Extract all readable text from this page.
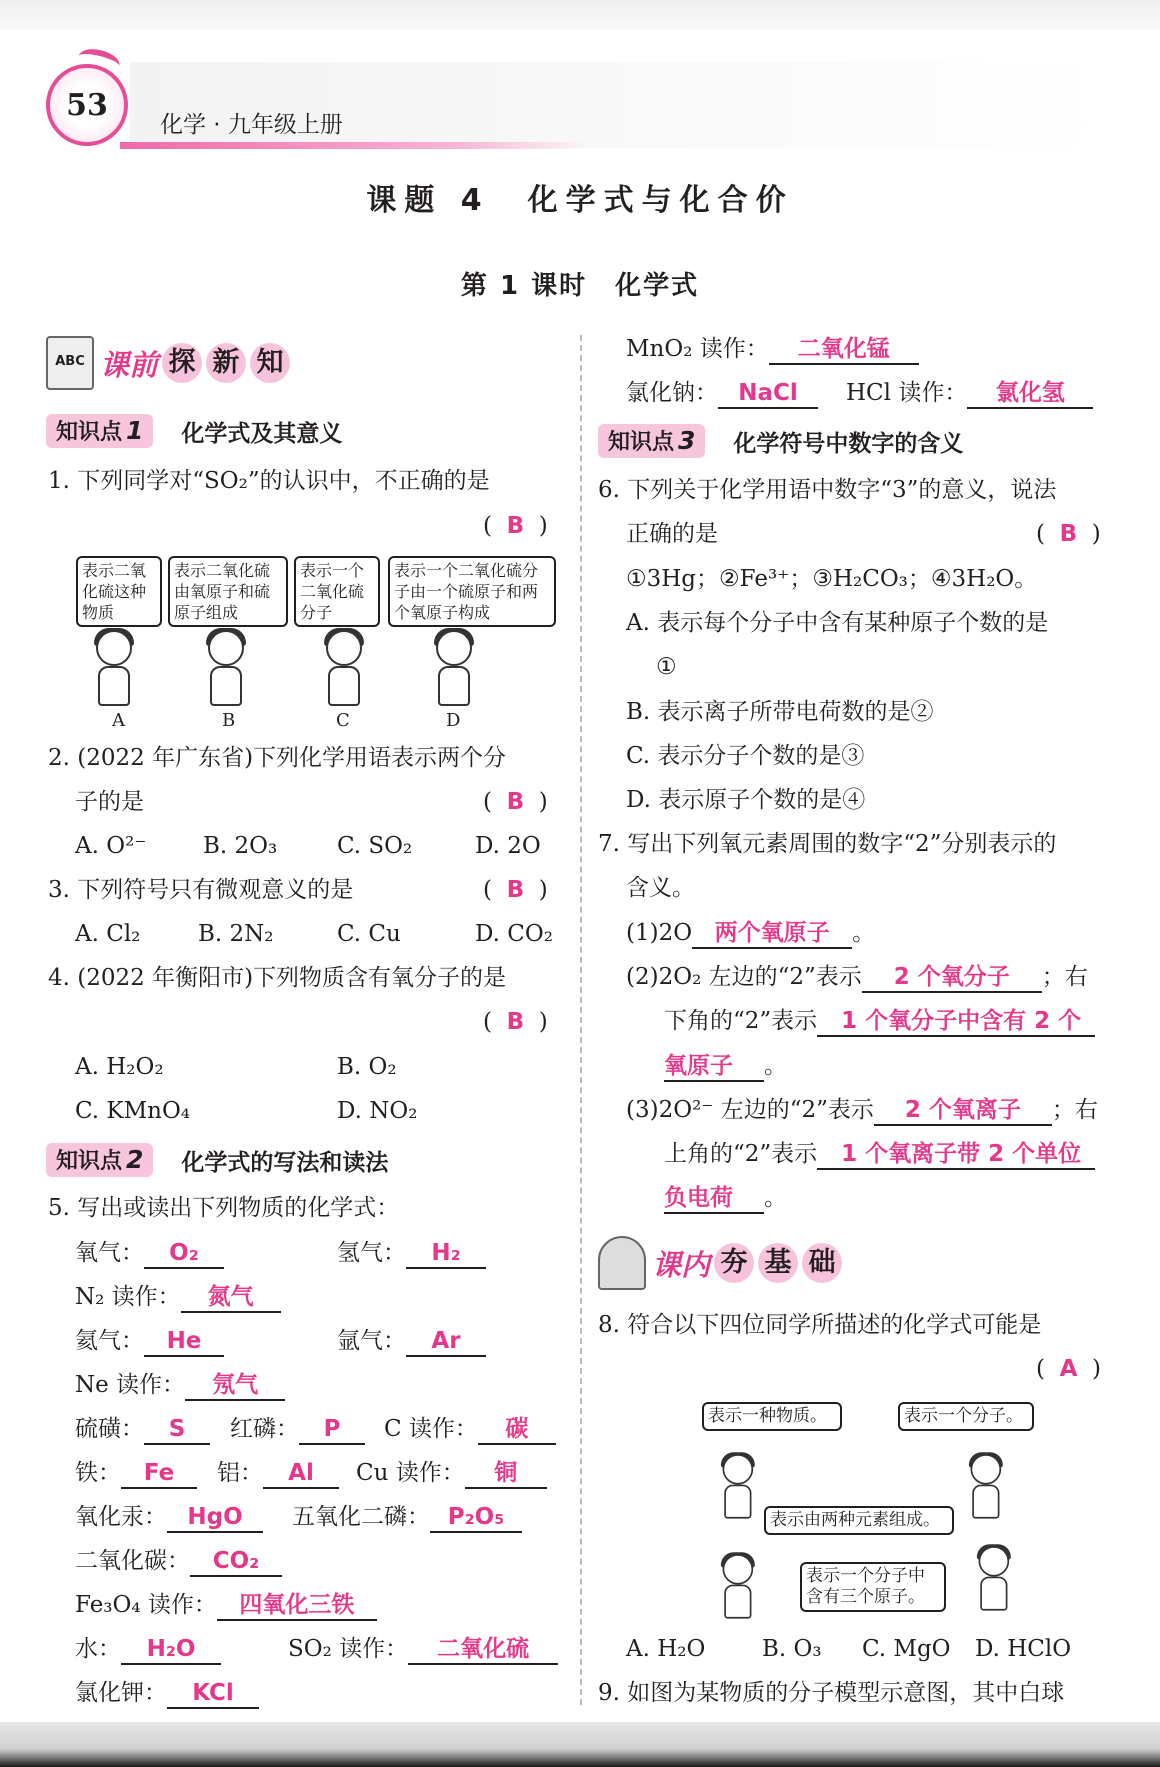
53
化学 · 九年级上册
课题 4　化学式与化合价
第 1 课时　化学式
ABC 课前 探 新 知
知识点 1	化学式及其意义
1. 下列同学对“SO₂”的认识中，不正确的是
(  B  )
表示二氧化硫这种物质
表示二氧化硫由氧原子和硫原子组成
表示一个二氧化硫分子
表示一个二氧化硫分子由一个硫原子和两个氧原子构成
A	B	C	D
2. (2022 年广东省)下列化学用语表示两个分
子的是	(  B  )
A. O²⁻ B. 2O₃	C. SO₂	D. 2O
3. 下列符号只有微观意义的是	(  B  )
A. Cl₂	B. 2N₂	C. Cu	D. CO₂
4. (2022 年衡阳市)下列物质含有氧分子的是
(  B  )
A. H₂O₂	B. O₂
C. KMnO₄	D. NO₂
知识点 2	化学式的写法和读法
5. 写出或读出下列物质的化学式：
氧气： O₂	氢气： H₂
N₂ 读作： 氮气
氦气： He	氩气： Ar
Ne 读作： 氖气
硫磺： S	红磷： P	C 读作： 碳
铁： Fe	铝： Al	Cu 读作： 铜
氧化汞： HgO	五氧化二磷： P₂O₅
二氧化碳： CO₂
Fe₃O₄ 读作： 四氧化三铁
水： H₂O	SO₂ 读作： 二氧化硫
氯化钾： KCl
MnO₂ 读作： 二氧化锰
氯化钠： NaCl	HCl 读作： 氯化氢
知识点 3	化学符号中数字的含义
6. 下列关于化学用语中数字“3”的意义，说法
正确的是	(  B  )
①3Hg；②Fe³⁺；③H₂CO₃；④3H₂O。
A. 表示每个分子中含有某种原子个数的是
①
B. 表示离子所带电荷数的是②
C. 表示分子个数的是③
D. 表示原子个数的是④
7. 写出下列氧元素周围的数字“2”分别表示的
含义。
(1)2O 两个氧原子 。
(2)2O₂ 左边的“2”表示 2 个氧分子 ；右
下角的“2”表示 1 个氧分子中含有 2 个
氧原子 。
(3)2O²⁻ 左边的“2”表示 2 个氧离子 ；右
上角的“2”表示 1 个氧离子带 2 个单位
负电荷 。
课内 夯 基 础
8. 符合以下四位同学所描述的化学式可能是
(  A  )
表示一种物质。	表示一个分子。
表示由两种元素组成。
表示一个分子中含有三个原子。
A. H₂O B. O₃ C. MgO D. HClO
9. 如图为某物质的分子模型示意图，其中白球
